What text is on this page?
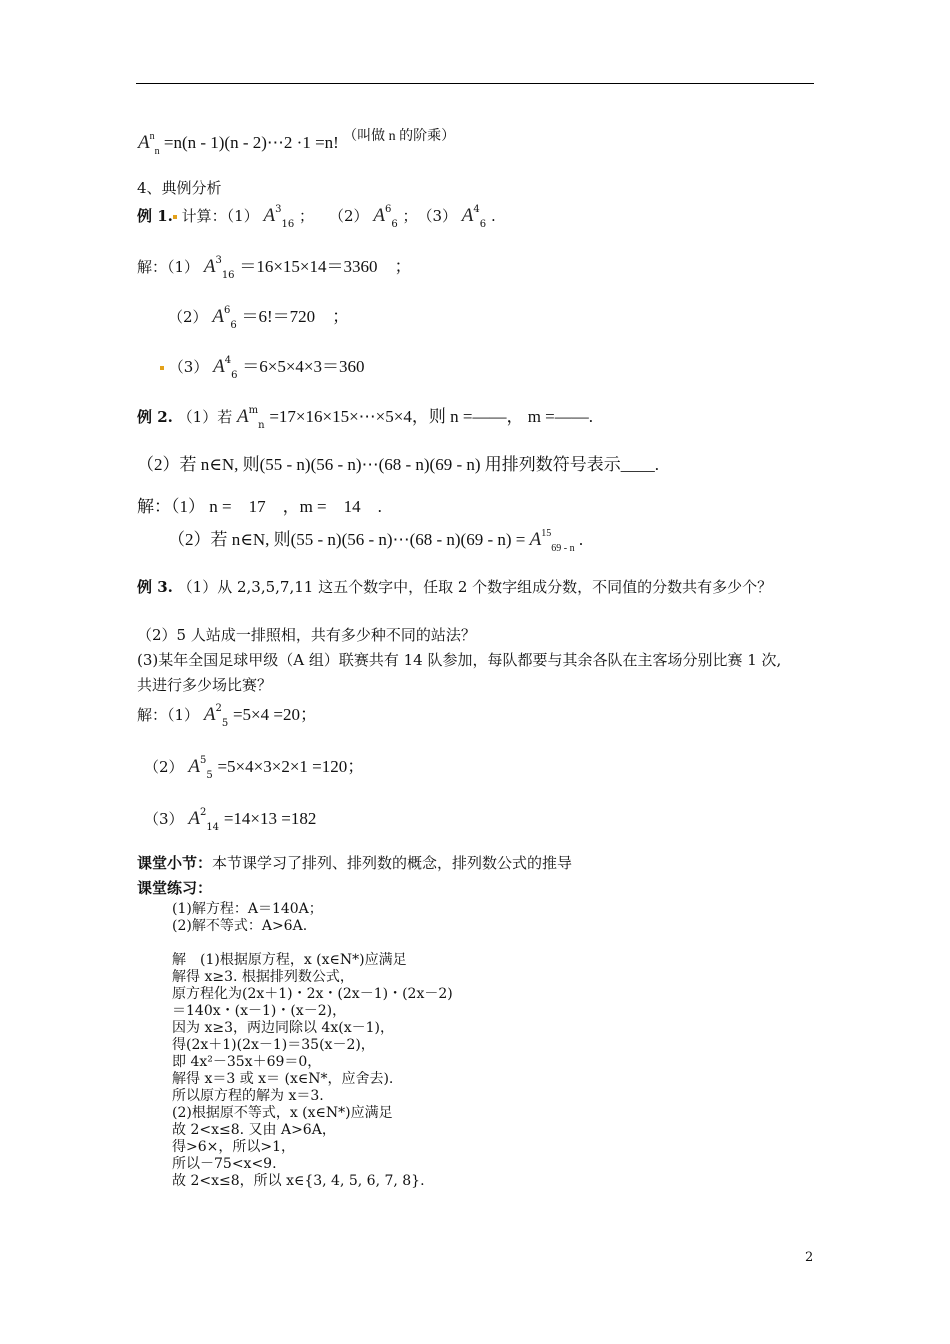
$A^n_n =n(n - 1)(n$ - 2)⋯2 ·1 =n! $^{(叫做 n 的阶乘)}$
4、典例分析
例 1. 计算：（1） $A^3_{16}$ ；　　（2） $A^6_6$ ；　（3） $A^4_6$ .
解：（1） $A^3_{16} =16\times 15\times 14=3360$　；
（2） $A^6_6 =6!=720$　；
（3） $A^4_6 =6\times 5\times 4\times 3=360$
例 2. （1）若 $A^m_n$ =17×16×15×⋯×5×4，则 n =——， m =——.
（2）若 n∈N, 则(55 - n)(56 - n)⋯(68 - n)(69 - n) 用排列数符号表示____.
解：（1） n =　17　，m =　14　.
（2）若 n∈N, 则(55 - n)(56 - n)⋯(68 - $n)(69 - n) = A^{15}_{69 - n}$ .
例 3. （1）从 2,3,5,7,11 这五个数字中，任取 2 个数字组成分数，不同值的分数共有多少个？
（2）5 人站成一排照相，共有多少种不同的站法？
(3)某年全国足球甲级（A 组）联赛共有 14 队参加，每队都要与其余各队在主客场分别比赛 1 次,
共进行多少场比赛？
解：（1） $A^2_5 =5\times 4 =20$；
（2） $A^5_5 =5\times 4\times 3\times 2\times 1 =120$；
（3） $A^2_{14} =14\times 13 =182$
课堂小节：本节课学习了排列、排列数的概念，排列数公式的推导
课堂练习：
(1)解方程：A＝140A；
(2)解不等式：A>6A.
解　(1)根据原方程，x (x∈N*)应满足
解得 x≥3. 根据排列数公式，
原方程化为(2x＋1)・2x・(2x－1)・(2x－2)
＝140x・(x－1)・(x－2)，
因为 x≥3，两边同除以 4x(x－1)，
得(2x＋1)(2x－1)＝35(x－2)，
即 4x²－35x＋69＝0，
解得 x＝3 或 x＝ (x∈N*，应舍去).
所以原方程的解为 x＝3.
(2)根据原不等式，x (x∈N*)应满足
故 2<x≤8. 又由 A>6A，
得>6×，所以>1，
所以－75<x<9.
故 2<x≤8，所以 x∈{3, 4, 5, 6, 7, 8}.
2
